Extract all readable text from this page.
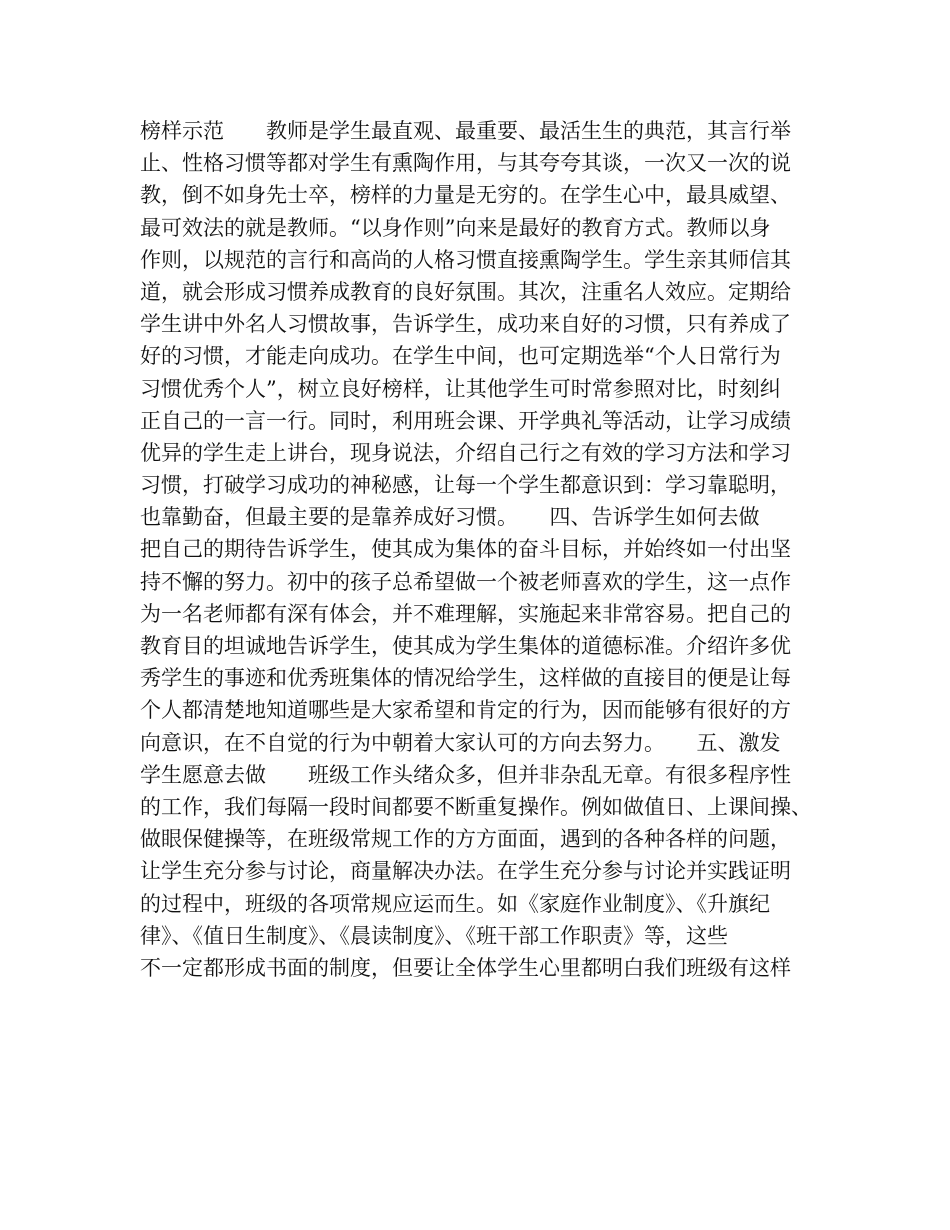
榜样示范　　教师是学生最直观、最重要、最活生生的典范，其言行举
止、性格习惯等都对学生有熏陶作用，与其夸夸其谈，一次又一次的说
教，倒不如身先士卒，榜样的力量是无穷的。在学生心中，最具威望、
最可效法的就是教师。“以身作则”向来是最好的教育方式。教师以身
作则，以规范的言行和高尚的人格习惯直接熏陶学生。学生亲其师信其
道，就会形成习惯养成教育的良好氛围。其次，注重名人效应。定期给
学生讲中外名人习惯故事，告诉学生，成功来自好的习惯，只有养成了
好的习惯，才能走向成功。在学生中间，也可定期选举“个人日常行为
习惯优秀个人”，树立良好榜样，让其他学生可时常参照对比，时刻纠
正自己的一言一行。同时，利用班会课、开学典礼等活动，让学习成绩
优异的学生走上讲台，现身说法，介绍自己行之有效的学习方法和学习
习惯，打破学习成功的神秘感，让每一个学生都意识到：学习靠聪明，
也靠勤奋，但最主要的是靠养成好习惯。　　四、告诉学生如何去做
把自己的期待告诉学生，使其成为集体的奋斗目标，并始终如一付出坚
持不懈的努力。初中的孩子总希望做一个被老师喜欢的学生，这一点作
为一名老师都有深有体会，并不难理解，实施起来非常容易。把自己的
教育目的坦诚地告诉学生，使其成为学生集体的道德标准。介绍许多优
秀学生的事迹和优秀班集体的情况给学生，这样做的直接目的便是让每
个人都清楚地知道哪些是大家希望和肯定的行为，因而能够有很好的方
向意识，在不自觉的行为中朝着大家认可的方向去努力。　　五、激发
学生愿意去做　　班级工作头绪众多，但并非杂乱无章。有很多程序性
的工作，我们每隔一段时间都要不断重复操作。例如做值日、上课间操、
做眼保健操等，在班级常规工作的方方面面，遇到的各种各样的问题，
让学生充分参与讨论，商量解决办法。在学生充分参与讨论并实践证明
的过程中，班级的各项常规应运而生。如《家庭作业制度》、《升旗纪
律》、《值日生制度》、《晨读制度》、《班干部工作职责》等，这些
不一定都形成书面的制度，但要让全体学生心里都明白我们班级有这样
